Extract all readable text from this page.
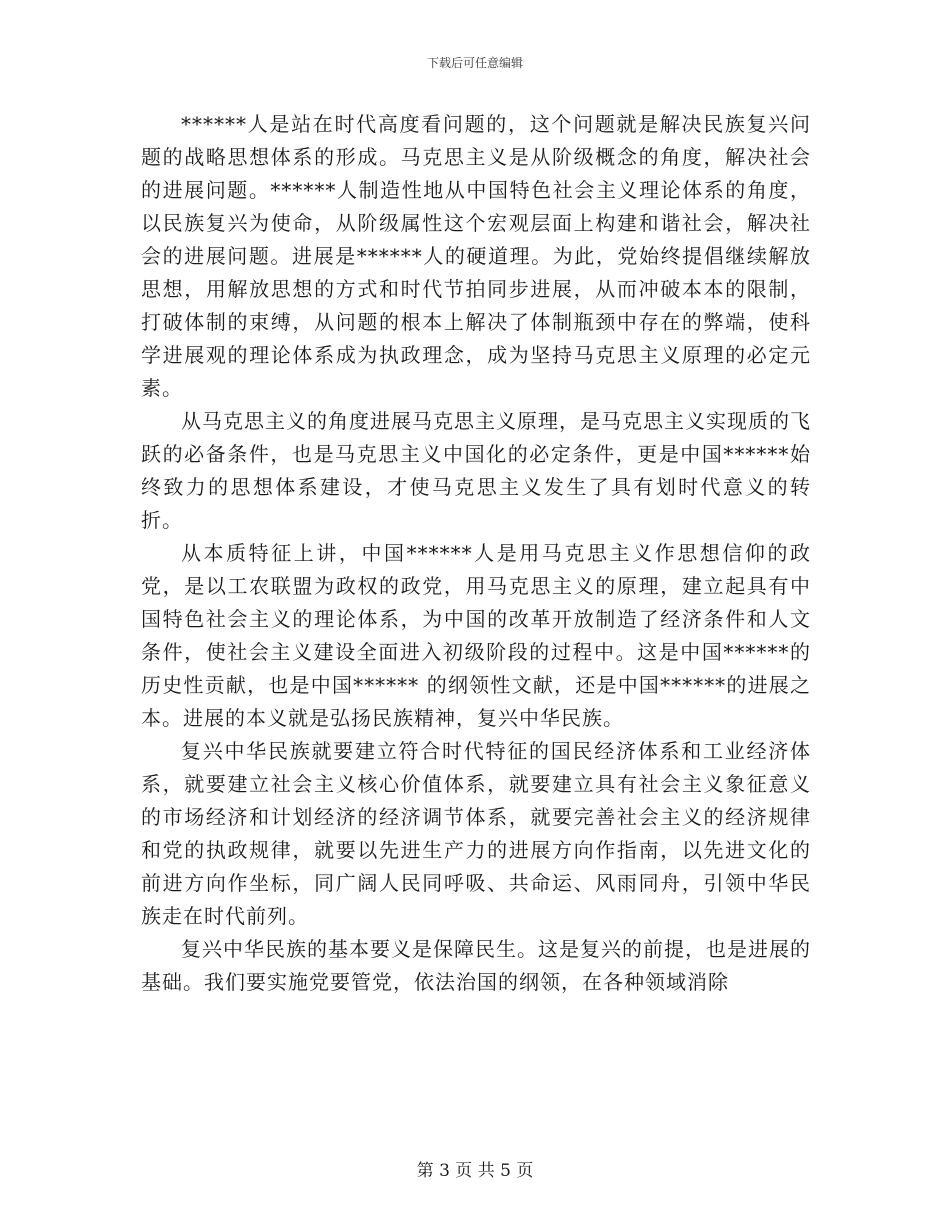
下载后可任意编辑

******人是站在时代高度看问题的，这个问题就是解决民族复兴问题的战略思想体系的形成。马克思主义是从阶级概念的角度，解决社会的进展问题。******人制造性地从中国特色社会主义理论体系的角度，以民族复兴为使命，从阶级属性这个宏观层面上构建和谐社会，解决社会的进展问题。进展是******人的硬道理。为此，党始终提倡继续解放思想，用解放思想的方式和时代节拍同步进展，从而冲破本本的限制，打破体制的束缚，从问题的根本上解决了体制瓶颈中存在的弊端，使科学进展观的理论体系成为执政理念，成为坚持马克思主义原理的必定元素。

从马克思主义的角度进展马克思主义原理，是马克思主义实现质的飞跃的必备条件，也是马克思主义中国化的必定条件，更是中国******始终致力的思想体系建设，才使马克思主义发生了具有划时代意义的转折。

从本质特征上讲，中国******人是用马克思主义作思想信仰的政党，是以工农联盟为政权的政党，用马克思主义的原理，建立起具有中国特色社会主义的理论体系，为中国的改革开放制造了经济条件和人文条件，使社会主义建设全面进入初级阶段的过程中。这是中国******的历史性贡献，也是中国****** 的纲领性文献，还是中国******的进展之本。进展的本义就是弘扬民族精神，复兴中华民族。

复兴中华民族就要建立符合时代特征的国民经济体系和工业经济体系，就要建立社会主义核心价值体系，就要建立具有社会主义象征意义的市场经济和计划经济的经济调节体系，就要完善社会主义的经济规律和党的执政规律，就要以先进生产力的进展方向作指南，以先进文化的前进方向作坐标，同广阔人民同呼吸、共命运、风雨同舟，引领中华民族走在时代前列。

复兴中华民族的基本要义是保障民生。这是复兴的前提，也是进展的基础。我们要实施党要管党，依法治国的纲领，在各种领域消除

第 3 页 共 5 页
